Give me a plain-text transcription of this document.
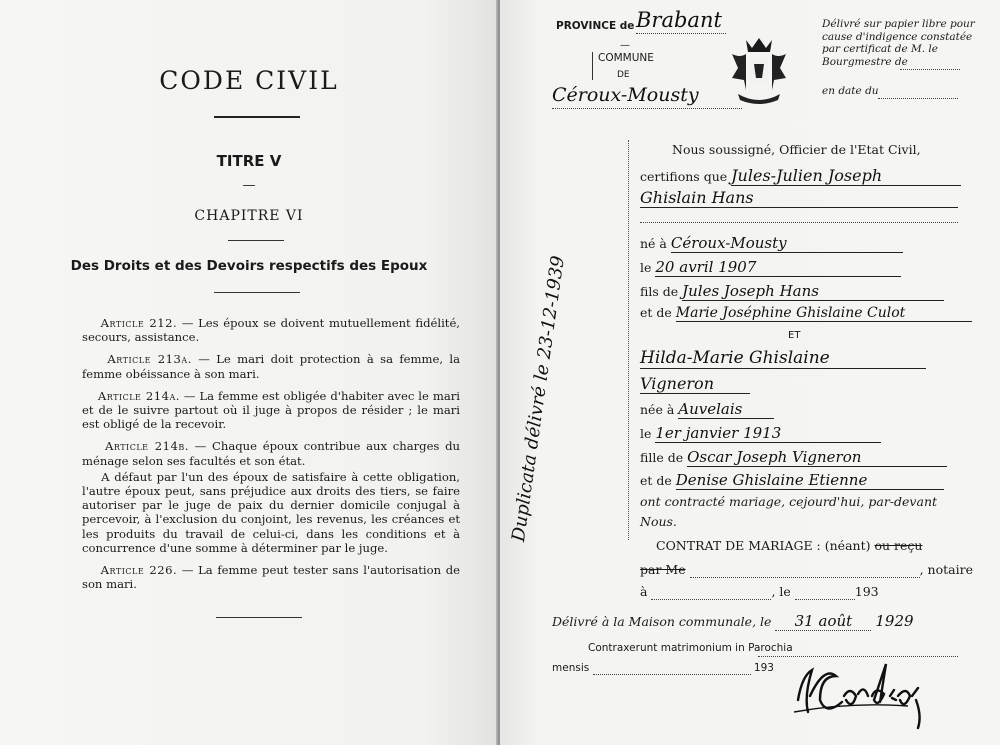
CODE CIVIL
TITRE V
—
CHAPITRE VI
Des Droits et des Devoirs respectifs des Epoux

Article 212. — Les époux se doivent mutuellement fidélité, secours, assistance.

Article 213a. — Le mari doit protection à sa femme, la femme obéissance à son mari.

Article 214a. — La femme est obligée d'habiter avec le mari et de le suivre partout où il juge à propos de résider ; le mari est obligé de la recevoir.

Article 214b. — Chaque époux contribue aux charges du ménage selon ses facultés et son état.

A défaut par l'un des époux de satisfaire à cette obligation, l'autre époux peut, sans préjudice aux droits des tiers, se faire autoriser par le juge de paix du dernier domicile conjugal à percevoir, à l'exclusion du conjoint, les revenus, les créances et les produits du travail de celui-ci, dans les conditions et à concurrence d'une somme à déterminer par le juge.

Article 226. — La femme peut tester sans l'autorisation de son mari.

PROVINCE de Brabant
—
COMMUNE
DE
Céroux-Mousty
Délivré sur papier libre pour cause d'indigence constatée par certificat de M. le Bourgmestre de
en date du
Duplicata délivré le 23-12-1939
Nous soussigné, Officier de l'Etat Civil,
certifions que Jules-Julien Joseph
Ghislain Hans
né à Céroux-Mousty
le 20 avril 1907
fils de Jules Joseph Hans
et de Marie Joséphine Ghislaine Culot
ET
Hilda-Marie Ghislaine
Vigneron
née à Auvelais
le 1er janvier 1913
fille de Oscar Joseph Vigneron
et de Denise Ghislaine Etienne
ont contracté mariage, cejourd'hui, par-devant
Nous.
CONTRAT DE MARIAGE : (néant) ou reçu
par Me	, notaire
à	, le	193
Délivré à la Maison communale, le 31 août 1929
Contraxerunt matrimonium in Parochia
mensis	193
